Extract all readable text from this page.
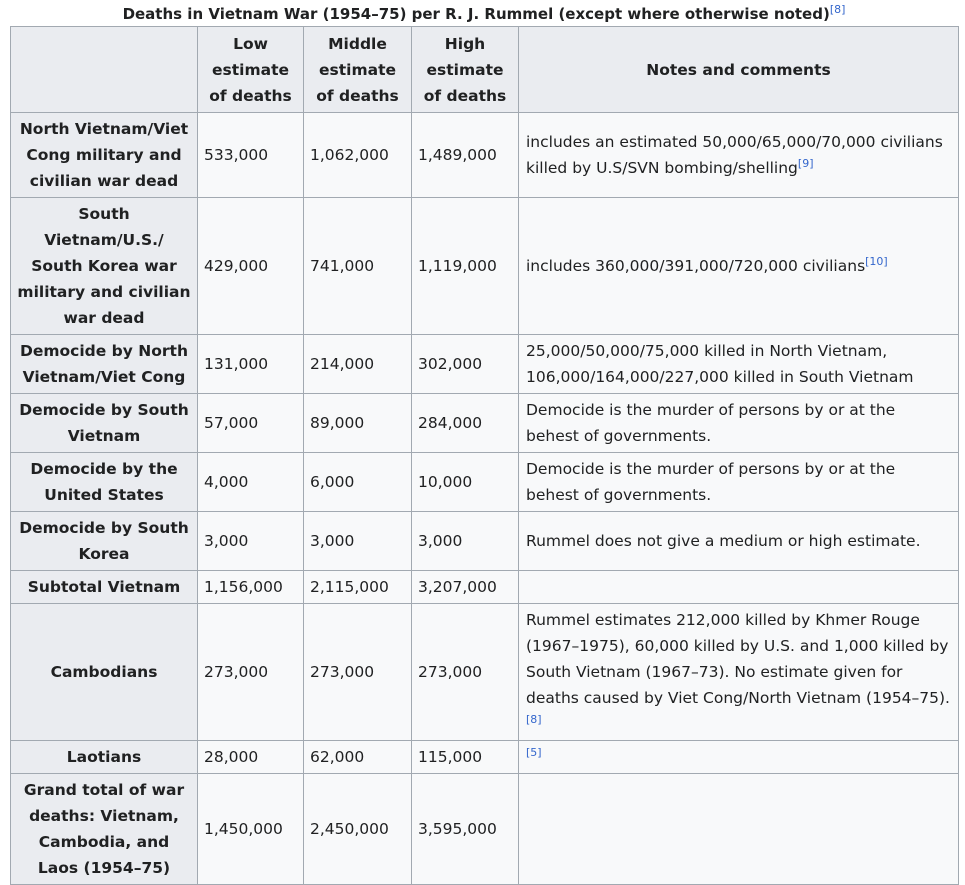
Deaths in Vietnam War (1954–75) per R. J. Rummel (except where otherwise noted)[8]
	Low estimate of deaths	Middle estimate of deaths	High estimate of deaths	Notes and comments
North Vietnam/Viet Cong military and civilian war dead	533,000	1,062,000	1,489,000	includes an estimated 50,000/65,000/70,000 civilians killed by U.S/SVN bombing/shelling[9]
South Vietnam/U.S./ South Korea war military and civilian war dead	429,000	741,000	1,119,000	includes 360,000/391,000/720,000 civilians[10]
Democide by North Vietnam/Viet Cong	131,000	214,000	302,000	25,000/50,000/75,000 killed in North Vietnam, 106,000/164,000/227,000 killed in South Vietnam
Democide by South Vietnam	57,000	89,000	284,000	Democide is the murder of persons by or at the behest of governments.
Democide by the United States	4,000	6,000	10,000	Democide is the murder of persons by or at the behest of governments.
Democide by South Korea	3,000	3,000	3,000	Rummel does not give a medium or high estimate.
Subtotal Vietnam	1,156,000	2,115,000	3,207,000	
Cambodians	273,000	273,000	273,000	Rummel estimates 212,000 killed by Khmer Rouge (1967–1975), 60,000 killed by U.S. and 1,000 killed by South Vietnam (1967–73). No estimate given for deaths caused by Viet Cong/North Vietnam (1954–75).[8]
Laotians	28,000	62,000	115,000	[5]
Grand total of war deaths: Vietnam, Cambodia, and Laos (1954–75)	1,450,000	2,450,000	3,595,000	
